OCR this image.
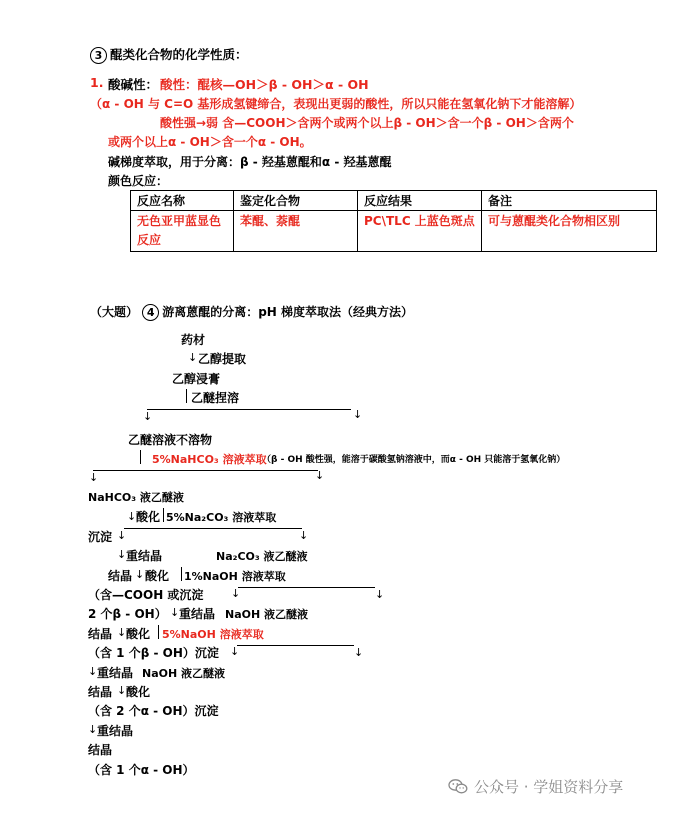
3 醌类化合物的化学性质：
1. 酸碱性： 酸性：醌核—OH＞β - OH＞α - OH
（α - OH 与 C=O 基形成氢键缔合，表现出更弱的酸性，所以只能在氢氧化钠下才能溶解）
酸性强→弱 含—COOH＞含两个或两个以上β - OH＞含一个β - OH＞含两个
或两个以上α - OH＞含一个α - OH。
碱梯度萃取，用于分离：β - 羟基蒽醌和α - 羟基蒽醌
颜色反应：
反应名称	鉴定化合物	反应结果	备注
无色亚甲蓝显色反应	苯醌、萘醌	PC\TLC 上蓝色斑点	可与蒽醌类化合物相区别
（大题） 4 游离蒽醌的分离：pH 梯度萃取法（经典方法）
药材
↓ 乙醇提取
乙醇浸膏
乙醚捏溶
↓	↓
乙醚溶液不溶物
5%NaHCO₃ 溶液萃取
（β - OH 酸性强，能溶于碳酸氢钠溶液中，而α - OH 只能溶于氢氧化钠）
↓	↓
NaHCO₃ 液乙醚液
↓ 酸化 5%Na₂CO₃ 溶液萃取
沉淀 ↓	↓
↓ 重结晶	Na₂CO₃ 液乙醚液
结晶 ↓ 酸化 1%NaOH 溶液萃取
（含—COOH 或沉淀	↓	↓
2 个β - OH） ↓ 重结晶 NaOH 液乙醚液
结晶 ↓ 酸化 5%NaOH 溶液萃取
（含 1 个β - OH）沉淀 ↓	↓
↓ 重结晶 NaOH 液乙醚液
结晶 ↓ 酸化
（含 2 个α - OH）沉淀
↓ 重结晶
结晶
（含 1 个α - OH）
公众号 · 学姐资料分享
